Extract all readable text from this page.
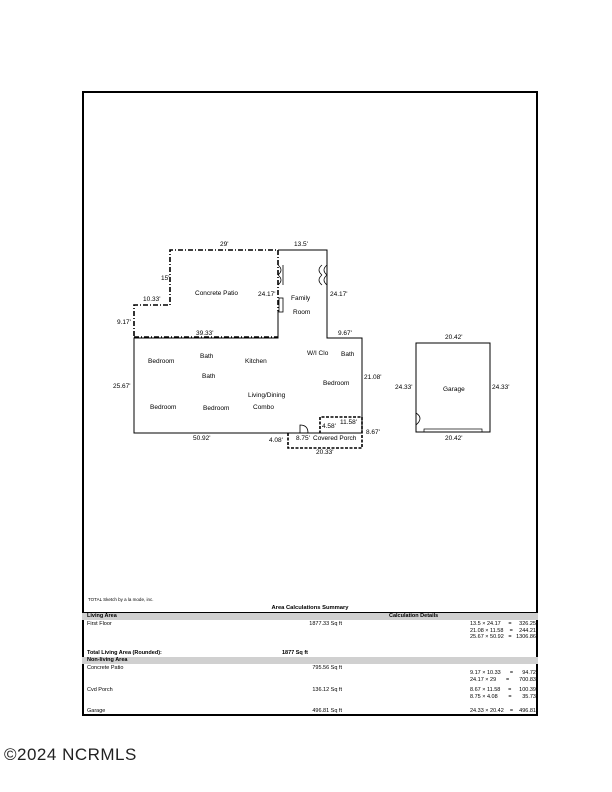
Concrete Patio
Family
Room
Bedroom
Bath
Bath
Kitchen
W/I Clo Bath
Bedroom
Bedroom	Bedroom
Living/Dining
Combo
Covered Porch
Garage
29'	13.5'
15'
10.33'
9.17'
24.17'	24.17'
39.33'	9.67'
25.67'
21.08'
50.92'	4.08' 8.75'
4.58'
11.58'
8.67'
20.33'
20.42'
24.33'	24.33'
20.42'
TOTAL Sketch by a la mode, inc.
Area Calculations Summary
Living Area	Calculation Details
First Floor	1877.33 Sq ft	13.5 × 24.17 = 326.25
21.08 × 11.58 = 244.21
25.67 × 50.92 = 1306.86
Total Living Area (Rounded):	1877 Sq ft
Non-living Area
Concrete Patio	795.56 Sq ft
9.17 × 10.33 = 94.72
24.17 × 29 = 700.83
Cvd Porch	136.12 Sq ft	8.67 × 11.58 = 100.39
8.75 × 4.08 = 35.73
Garage	496.81 Sq ft	24.33 × 20.42 = 496.81
©2024 NCRMLS
